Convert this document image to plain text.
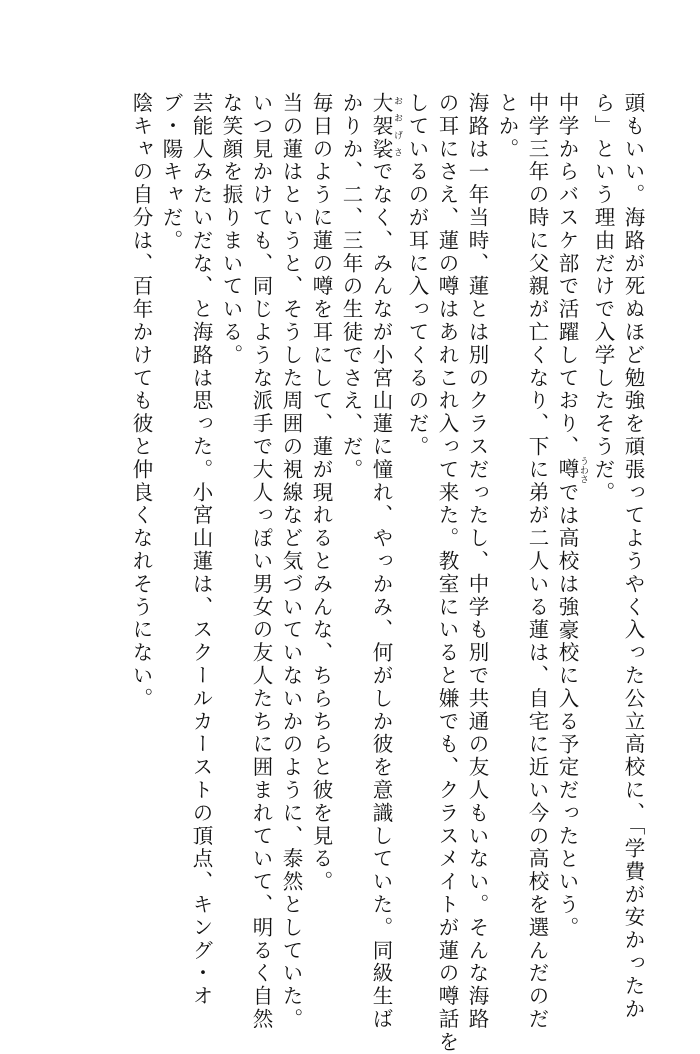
頭もいい。海路が死ぬほど勉強を頑張ってようやく入った公立高校に、「学費が安かったか
ら」という理由だけで入学したそうだ。
中学からバスケ部で活躍しており、噂 うわさでは高校は強豪校に入る予定だったという。
中学三年の時に父親が亡くなり、下に弟が二人いる蓮は、自宅に近い今の高校を選んだのだ
とか。
海路は一年当時、蓮とは別のクラスだったし、中学も別で共通の友人もいない。そんな海路
の耳にさえ、蓮の噂はあれこれ入って来た。教室にいると嫌でも、クラスメイトが蓮の噂話を
しているのが耳に入ってくるのだ。
大袈裟 おおげさでなく、みんなが小宮山蓮に憧れ、やっかみ、何がしか彼を意識していた。同級生ば
かりか、二、三年の生徒でさえ、だ。
毎日のように蓮の噂を耳にして、蓮が現れるとみんな、ちらちらと彼を見る。
当の蓮はというと、そうした周囲の視線など気づいていないかのように、泰然としていた。
いつ見かけても、同じような派手で大人っぽい男女の友人たちに囲まれていて、明るく自然
な笑顔を振りまいている。
芸能人みたいだな、と海路は思った。小宮山蓮は、スクールカーストの頂点、キング・オ
ブ・陽キャだ。
陰キャの自分は、百年かけても彼と仲良くなれそうにない。
